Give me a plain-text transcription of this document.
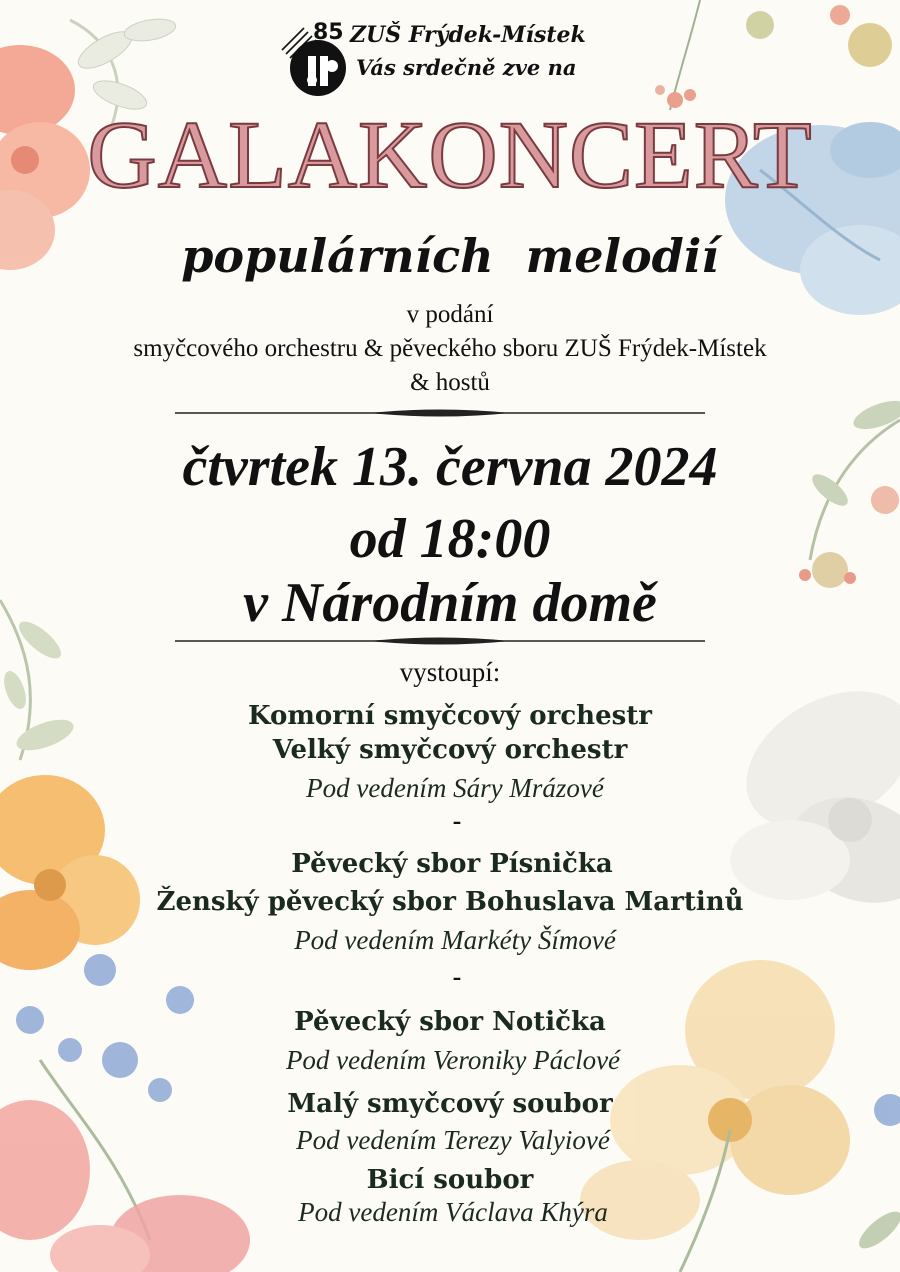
85 ZUŠ Frýdek-Místek
Vás srdečně zve na
GALAKONCERT
populárních  melodií
v podání
smyčcového orchestru & pěveckého sboru ZUŠ Frýdek-Místek
& hostů
čtvrtek 13. června 2024
od 18:00
v Národním domě
vystoupí:
Komorní smyčcový orchestr
Velký smyčcový orchestr
Pod vedením Sáry Mrázové
-
Pěvecký sbor Písnička
Ženský pěvecký sbor Bohuslava Martinů
Pod vedením Markéty Šímové
-
Pěvecký sbor Notička
Pod vedením Veroniky Páclové
Malý smyčcový soubor
Pod vedením Terezy Valyiové
Bicí soubor
Pod vedením Václava Khýra
